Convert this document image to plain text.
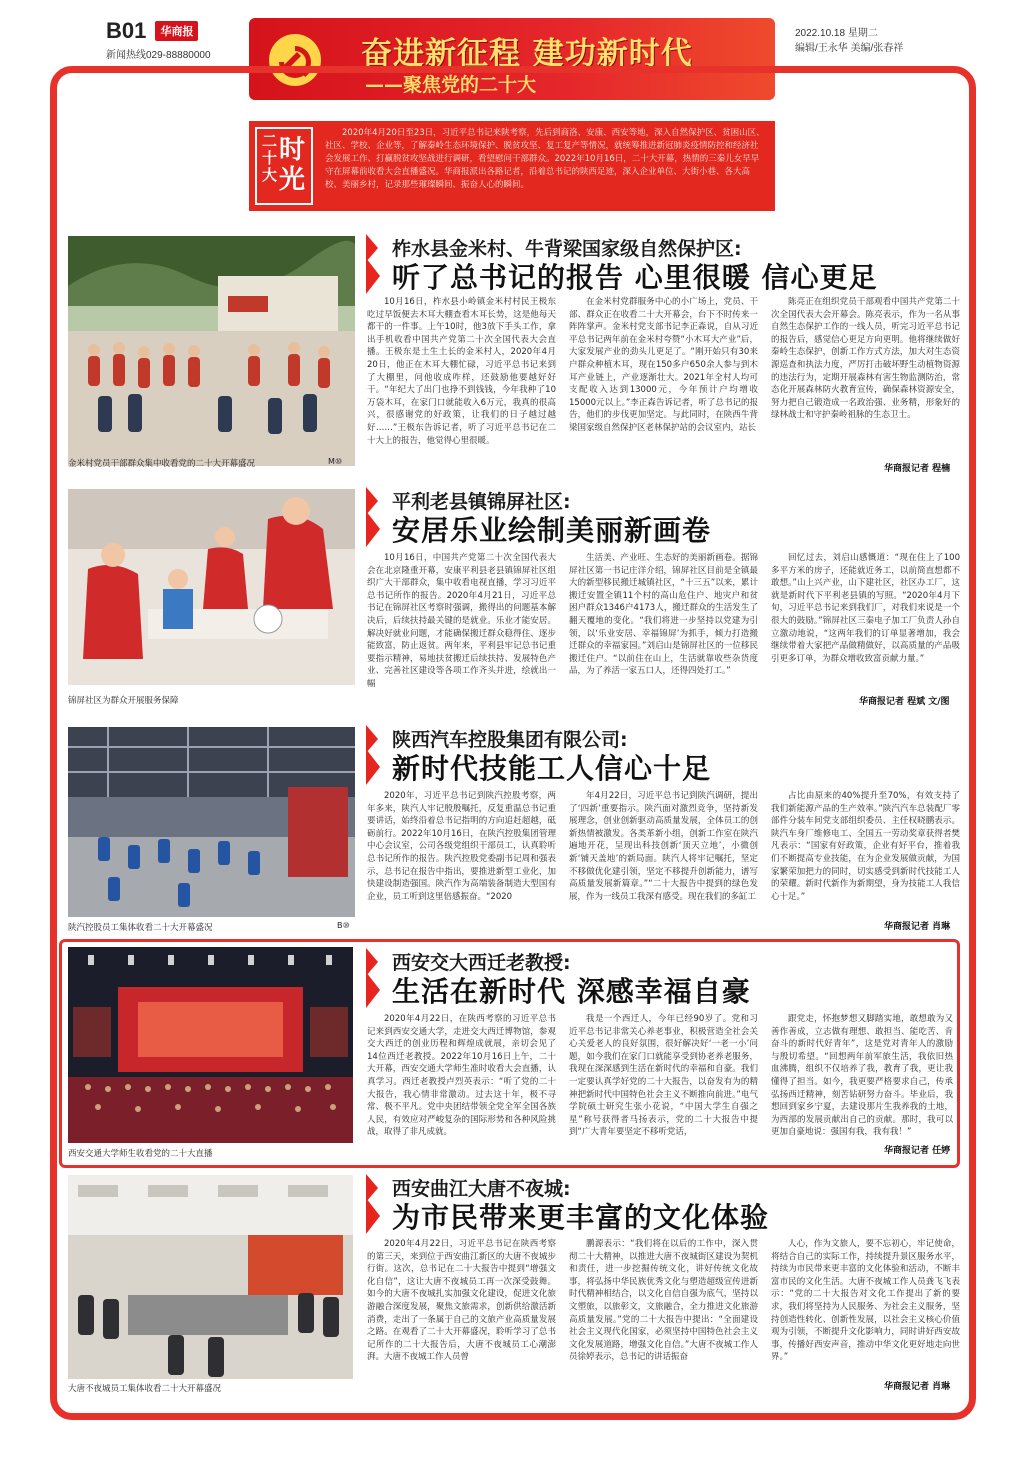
B01 华商报
新闻热线029-88880000	奋进新征程 建功新时代
——聚焦党的二十大
2022.10.18 星期二
编辑/王永华 美编/张春祥
二十大
时光
2020年4月20日至23日，习近平总书记来陕考察，先后到商洛、安康、西安等地，深入自然保护区、贫困山区、社区、学校、企业等，了解秦岭生态环境保护、脱贫攻坚、复工复产等情况，就统筹推进新冠肺炎疫情防控和经济社会发展工作、打赢脱贫攻坚战进行调研，看望慰问干部群众。2022年10月16日，二十大开幕，热情的三秦儿女早早守在屏幕前收看大会直播盛况。华商报派出各路记者，沿着总书记的陕西足迹，深入企业单位、大街小巷、各大高校、美丽乡村，记录那些璀璨瞬间、振奋人心的瞬间。
金米村党员干部群众集中收看党的二十大开幕盛况	M⑩
柞水县金米村、牛背梁国家级自然保护区:
听了总书记的报告 心里很暖 信心更足
10月16日，柞水县小岭镇金米村村民王极东吃过早饭便去木耳大棚查看木耳长势，这是他每天都干的一件事。上午10时，他3放下手头工作，拿出手机收看中国共产党第二十次全国代表大会直播。王极东是土生土长的金米村人，2020年4月20日，他正在木耳大棚忙碌，习近平总书记来到了大棚里，问他收成咋样，还鼓励他要越好好干。“年纪大了出门也挣不到钱钱，今年我种了10万袋木耳，在家门口就能收入6万元，我真的很高兴，很感谢党的好政策，让我们的日子越过越好……”王极东告诉记者，听了习近平总书记在二十大上的报告，他觉得心里很暖。
在金米村党群服务中心的小广场上，党员、干部、群众正在收看二十大开幕会，台下不时传来一阵阵掌声。金米村党支部书记李正森说，自从习近平总书记两年前在金米村夸赞“小木耳大产业”后，大家发展产业的劲头儿更足了。“刚开始只有30来户群众种植木耳，现在150多户650余人参与到木耳产业链上，产业逐渐壮大。2021年全村人均可支配收入达到13000元，今年预计户均增收15000元以上。”李正森告诉记者，听了总书记的报告，他们的步伐更加坚定。与此同时，在陕西牛背梁国家级自然保护区老林保护站的会议室内，站长
陈亮正在组织党员干部观看中国共产党第二十次全国代表大会开幕会。陈亮表示，作为一名从事自然生态保护工作的一线人员，听完习近平总书记的报告后，感觉信心更足方向更明。他将继续做好秦岭生态保护，创新工作方式方法，加大对生态资源巡查和执法力度，严厉打击破坏野生动植物资源的违法行为，定期开展森林有害生物监测防治，常态化开展森林防火教育宣传，确保森林资源安全，努力把自己锻造成一名政治强、业务精，形象好的绿林战士和守护秦岭祖脉的生态卫士。
华商报记者 程楠
锦屏社区为群众开展服务保障
平利老县镇锦屏社区:
安居乐业绘制美丽新画卷
10月16日，中国共产党第二十次全国代表大会在北京隆重开幕，安康平利县老县镇锦屏社区组织广大干部群众，集中收看电视直播，学习习近平总书记所作的报告。2020年4月21日，习近平总书记在锦屏社区考察时强调，搬得出的问题基本解决后，后续扶持最关键的是就业。乐业才能安居。解决好就业问题，才能确保搬迁群众稳得住、逐步能致富，防止返贫。两年来，平利县牢记总书记重要指示精神，易地扶贫搬迁后续扶持、发展特色产业、完善社区建设等各项工作齐头并进，绘就出一幅
生活美、产业旺、生态好的美丽新画卷。据锦屏社区第一书记庄洋介绍，锦屏社区目前是全镇最大的新型移民搬迁城镇社区，“十三五”以来，累计搬迁安置全镇11个村的高山危住户、地灾户和贫困户群众1346户4173人，搬迁群众的生活发生了翻天覆地的变化。“我们将进一步坚持以党建为引领，以‘乐业安居、幸福锦屏’为抓手，倾力打造搬迁群众的幸福家园。”刘启山是锦屏社区的一位移民搬迁住户。“以前住在山上，生活就靠收些杂货度品，为了养活一家五口人，还得四处打工。”
回忆过去，刘启山感慨道：“现在住上了100多平方米的房子，还能就近务工，以前简直想都不敢想。”山上兴产业，山下建社区，社区办工厂，这就是新时代下平利老县镇的写照。“2020年4月下旬，习近平总书记来到我们厂，对我们来说是一个很大的鼓励。”锦屏社区三秦电子加工厂负责人孙自立激动地说，“这两年我们的订单显著增加，我会继续带着大家把产品做精做好，以高质量的产品吸引更多订单，为群众增收致富贡献力量。”
华商报记者 程斌 文/图
陕汽控股员工集体收看二十大开幕盛况	B⑩
陕西汽车控股集团有限公司:
新时代技能工人信心十足
2020年，习近平总书记到陕汽控股考察，两年多来，陕汽人牢记殷殷嘱托，反复重温总书记重要讲话，始终沿着总书记指明的方向追赶超越，砥砺前行。2022年10月16日，在陕汽控股集团管理中心会议室，公司各级党组织干部员工，认真聆听总书记所作的报告。陕汽控股党委副书记周和强表示，总书记在报告中指出，要推进新型工业化，加快建设制造强国。陕汽作为高端装备制造大型国有企业，员工听到这里倍感振奋。“2020
年4月22日，习近平总书记到陕汽调研，提出了‘四新’重要指示。陕汽面对激烈竞争，坚持新发展理念，创业创新驱动高质量发展，全体员工的创新热情被激发。各类革新小组，创新工作室在陕汽遍地开花，呈现出科技创新‘顶天立地’，小微创新‘铺天盖地’的新局面。陕汽人将牢记嘱托，坚定不移做优化建引领，坚定不移提升创新能力，谱写高质量发展新篇章。”“二十大报告中提到的绿色发展，作为一线员工我深有感受。现在我们的多缸工
占比由原来的40%提升至70%，有效支持了我们新能源产品的生产效率。”陕汽汽车总装配厂零部件分装车间党支部组织委员、主任权晓鹏表示。陕汽车身厂维修电工、全国五一劳动奖章获得者樊凡表示：“国家有好政策，企业有好平台，推着我们不断提高专业技能，在为企业发展做贡献，为国家繁荣加把力的同时，切实感受到新时代技能工人的荣耀。新时代新作为新期望，身为技能工人我信心十足。”
华商报记者 肖琳
西安交通大学师生收看党的二十大直播
西安交大西迁老教授:
生活在新时代 深感幸福自豪
2020年4月22日，在陕西考察的习近平总书记来到西安交通大学，走进交大西迁博物馆，参观交大西迁的创业历程和辉煌成就展，亲切会见了14位西迁老教授。2022年10月16日上午，二十大开幕，西安交通大学师生准时收看大会直播，认真学习。西迁老教授卢烈英表示：“听了党的二十大报告，我心情非常激动。过去这十年，极不寻常、极不平凡。党中央团结带领全党全军全国各族人民，有效应对严峻复杂的国际形势和各种风险挑战，取得了非凡成就。
我是一个西迁人，今年已经90岁了。党和习近平总书记非常关心养老事业，积极营造全社会关心关爱老人的良好氛围，很好解决好‘一老一小’问题，如今我们在家门口就能享受到协老养老服务，我现在深深感到生活在新时代的幸福和自豪。我们一定要认真学好党的二十大报告，以奋发有为的精神把新时代中国特色社会主义不断推向前进。”电气学院硕士研究生张小花说，“中国大学生自强之星”称号获得者马扬表示，党的二十大报告中提到“广大青年要坚定不移听党话，
跟党走，怀抱梦想又脚踏实地，敢想敢为又善作善成，立志做有理想、敢担当、能吃苦、肯奋斗的新时代好青年”，这是党对青年人的激励与殷切希望。“回想两年前军旅生活，我依旧热血沸腾，组织不仅培养了我，教育了我，更让我懂得了担当。如今，我更要严格要求自己，传承弘扬西迁精神，刻苦钻研努力奋斗。毕业后，我想回到家乡宁夏，去建设那片生我养我的土地，为西部的发展贡献出自己的贡献。那时，我可以更加自豪地说：强国有我，我有我！”
华商报记者 任婷
大唐不夜城员工集体收看二十大开幕盛况
西安曲江大唐不夜城:
为市民带来更丰富的文化体验
2020年4月22日，习近平总书记在陕西考察的第三天，来到位于西安曲江新区的大唐不夜城步行街。这次，总书记在二十大报告中提到“增强文化自信”，这让大唐不夜城员工再一次深受鼓舞。如今的大唐不夜城扎实加强文化建设，促进文化旅游融合深度发展，聚焦文旅需求，创新供给激活新消费，走出了一条属于自己的文旅产业高质量发展之路。在观看了二十大开幕盛况，聆听学习了总书记所作的二十大报告后，大唐不夜城员工心潮澎湃。大唐不夜城工作人员曾
鹏源表示：“我们将在以后的工作中，深入贯彻二十大精神，以推进大唐不夜城街区建设为契机和责任，进一步挖掘传统文化，讲好传统文化故事，将弘扬中华民族优秀文化与塑造超级宣传进新时代精神相结合，以文化自信自强为底气，坚持以文塑旅，以旅彰文，文旅融合，全力推进文化旅游高质量发展。”党的二十大报告中提出：“全面建设社会主义现代化国家，必须坚持中国特色社会主义文化发展道路，增强文化自信。”大唐不夜城工作人员徐婷表示，总书记的讲话振奋
人心，作为文旅人，要不忘初心，牢记使命，将结合自己的实际工作，持续提升景区服务水平，持续为市民带来更丰富的文化体验和活动，不断丰富市民的文化生活。大唐不夜城工作人员龚飞飞表示：“党的二十大报告对文化工作提出了新的要求，我们将坚持为人民服务、为社会主义服务，坚持创造性转化、创新性发展，以社会主义核心价值观为引领，不断提升文化影响力，同时讲好西安故事，传播好西安声音，推动中华文化更好地走向世界。”
华商报记者 肖琳
